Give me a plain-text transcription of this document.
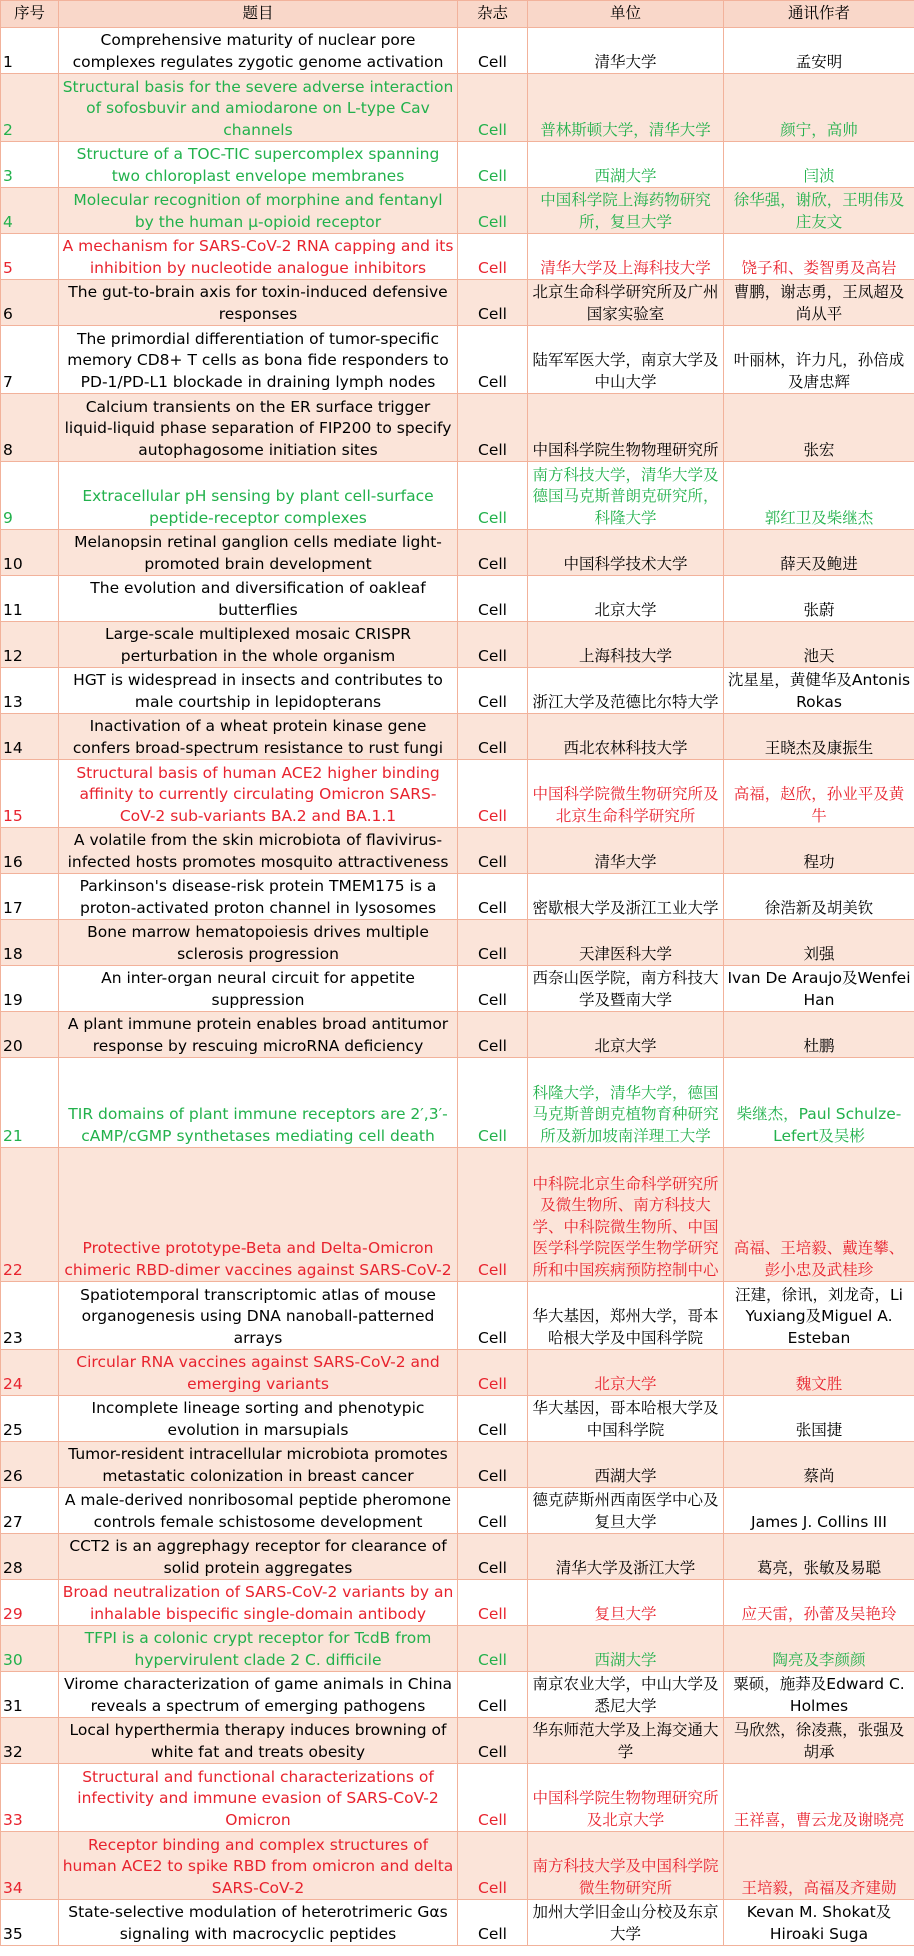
序号	题目	杂志	单位	通讯作者
1	Comprehensive maturity of nuclear pore complexes regulates zygotic genome activation	Cell	清华大学	孟安明
2	Structural basis for the severe adverse interaction of sofosbuvir and amiodarone on L-type Cav channels	Cell	普林斯顿大学，清华大学	颜宁，高帅
3	Structure of a TOC-TIC supercomplex spanning two chloroplast envelope membranes	Cell	西湖大学	闫浈
4	Molecular recognition of morphine and fentanyl by the human μ-opioid receptor	Cell	中国科学院上海药物研究所，复旦大学	徐华强，谢欣，王明伟及庄友文
5	A mechanism for SARS-CoV-2 RNA capping and its inhibition by nucleotide analogue inhibitors	Cell	清华大学及上海科技大学	饶子和、娄智勇及高岩
6	The gut-to-brain axis for toxin-induced defensive responses	Cell	北京生命科学研究所及广州国家实验室	曹鹏，谢志勇，王凤超及尚从平
7	The primordial differentiation of tumor-specific memory CD8+ T cells as bona fide responders to PD-1/PD-L1 blockade in draining lymph nodes	Cell	陆军军医大学，南京大学及中山大学	叶丽林，许力凡，孙倍成及唐忠辉
8	Calcium transients on the ER surface trigger liquid-liquid phase separation of FIP200 to specify autophagosome initiation sites	Cell	中国科学院生物物理研究所	张宏
9	Extracellular pH sensing by plant cell-surface peptide-receptor complexes	Cell	南方科技大学，清华大学及德国马克斯普朗克研究所，科隆大学	郭红卫及柴继杰
10	Melanopsin retinal ganglion cells mediate light-promoted brain development	Cell	中国科学技术大学	薛天及鲍进
11	The evolution and diversification of oakleaf butterflies	Cell	北京大学	张蔚
12	Large-scale multiplexed mosaic CRISPR perturbation in the whole organism	Cell	上海科技大学	池天
13	HGT is widespread in insects and contributes to male courtship in lepidopterans	Cell	浙江大学及范德比尔特大学	沈星星，黄健华及Antonis Rokas
14	Inactivation of a wheat protein kinase gene confers broad-spectrum resistance to rust fungi	Cell	西北农林科技大学	王晓杰及康振生
15	Structural basis of human ACE2 higher binding affinity to currently circulating Omicron SARS-CoV-2 sub-variants BA.2 and BA.1.1	Cell	中国科学院微生物研究所及北京生命科学研究所	高福，赵欣，孙业平及黄牛
16	A volatile from the skin microbiota of flavivirus-infected hosts promotes mosquito attractiveness	Cell	清华大学	程功
17	Parkinson's disease-risk protein TMEM175 is a proton-activated proton channel in lysosomes	Cell	密歇根大学及浙江工业大学	徐浩新及胡美钦
18	Bone marrow hematopoiesis drives multiple sclerosis progression	Cell	天津医科大学	刘强
19	An inter-organ neural circuit for appetite suppression	Cell	西奈山医学院，南方科技大学及暨南大学	Ivan De Araujo及Wenfei Han
20	A plant immune protein enables broad antitumor response by rescuing microRNA deficiency	Cell	北京大学	杜鹏
21	TIR domains of plant immune receptors are 2′,3′-cAMP/cGMP synthetases mediating cell death	Cell	科隆大学，清华大学，德国马克斯普朗克植物育种研究所及新加坡南洋理工大学	柴继杰，Paul Schulze-Lefert及吴彬
22	Protective prototype-Beta and Delta-Omicron chimeric RBD-dimer vaccines against SARS-CoV-2	Cell	中科院北京生命科学研究所及微生物所、南方科技大学、中科院微生物所、中国医学科学院医学生物学研究所和中国疾病预防控制中心	高福、王培毅、戴连攀、彭小忠及武桂珍
23	Spatiotemporal transcriptomic atlas of mouse organogenesis using DNA nanoball-patterned arrays	Cell	华大基因，郑州大学，哥本哈根大学及中国科学院	汪建，徐讯，刘龙奇，Li Yuxiang及Miguel A. Esteban
24	Circular RNA vaccines against SARS-CoV-2 and emerging variants	Cell	北京大学	魏文胜
25	Incomplete lineage sorting and phenotypic evolution in marsupials	Cell	华大基因，哥本哈根大学及中国科学院	张国捷
26	Tumor-resident intracellular microbiota promotes metastatic colonization in breast cancer	Cell	西湖大学	蔡尚
27	A male-derived nonribosomal peptide pheromone controls female schistosome development	Cell	德克萨斯州西南医学中心及复旦大学	James J. Collins III
28	CCT2 is an aggrephagy receptor for clearance of solid protein aggregates	Cell	清华大学及浙江大学	葛亮，张敏及易聪
29	Broad neutralization of SARS-CoV-2 variants by an inhalable bispecific single-domain antibody	Cell	复旦大学	应天雷，孙蕾及吴艳玲
30	TFPI is a colonic crypt receptor for TcdB from hypervirulent clade 2 C. difficile	Cell	西湖大学	陶亮及李颜颜
31	Virome characterization of game animals in China reveals a spectrum of emerging pathogens	Cell	南京农业大学，中山大学及悉尼大学	粟硕，施莽及Edward C. Holmes
32	Local hyperthermia therapy induces browning of white fat and treats obesity	Cell	华东师范大学及上海交通大学	马欣然，徐凌燕，张强及胡承
33	Structural and functional characterizations of infectivity and immune evasion of SARS-CoV-2 Omicron	Cell	中国科学院生物物理研究所及北京大学	王祥喜，曹云龙及谢晓亮
34	Receptor binding and complex structures of human ACE2 to spike RBD from omicron and delta SARS-CoV-2	Cell	南方科技大学及中国科学院微生物研究所	王培毅，高福及齐建勋
35	State-selective modulation of heterotrimeric Gαs signaling with macrocyclic peptides	Cell	加州大学旧金山分校及东京大学	Kevan M. Shokat及Hiroaki Suga
